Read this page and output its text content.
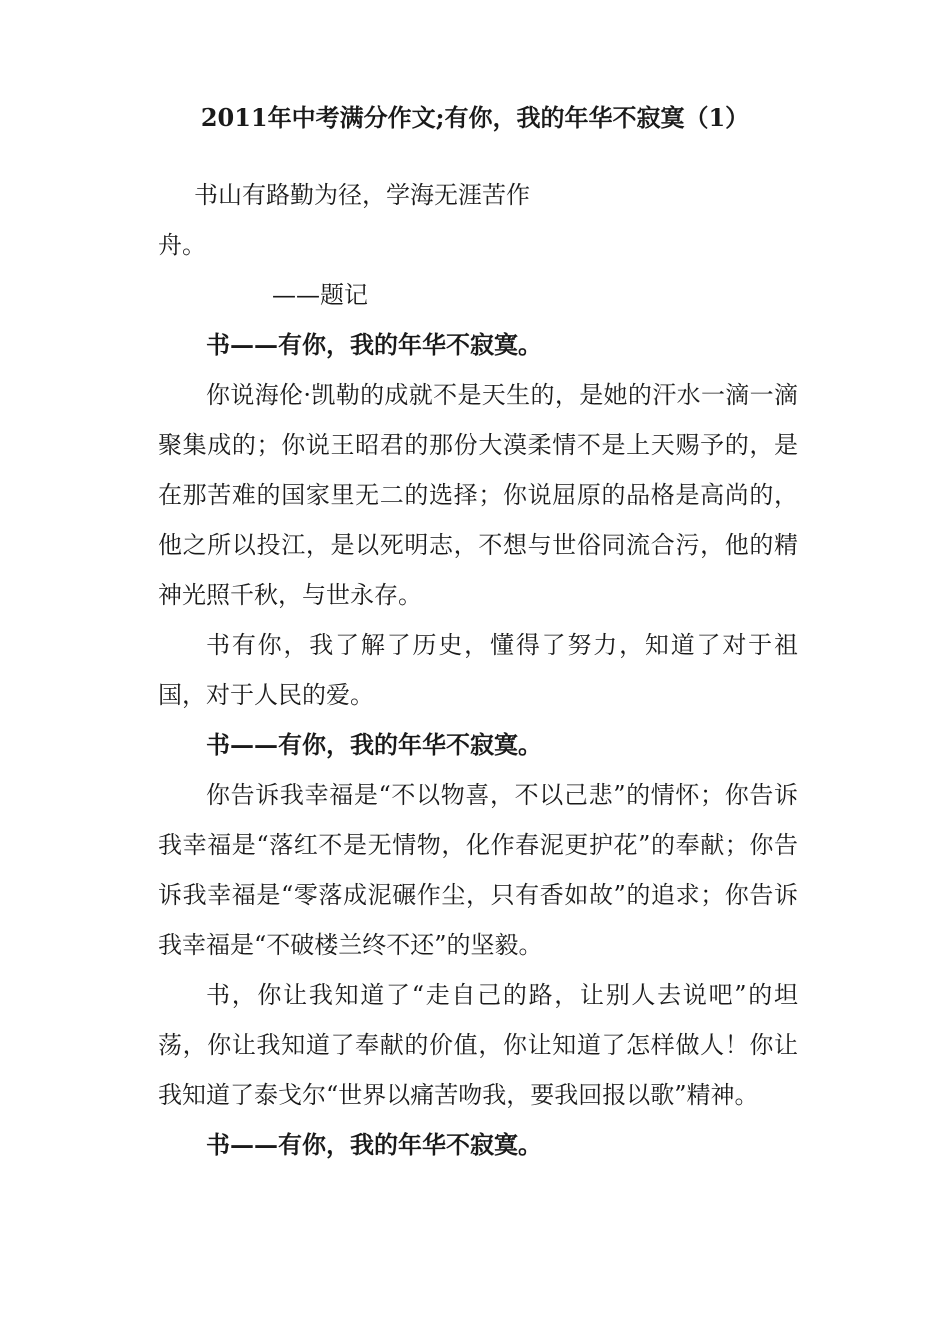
2011年中考满分作文;有你，我的年华不寂寞（1）
书山有路勤为径，学海无涯苦作
舟。
——题记
书——有你，我的年华不寂寞。

你说海伦·凯勒的成就不是天生的，是她的汗水一滴一滴聚集成的；你说王昭君的那份大漠柔情不是上天赐予的，是在那苦难的国家里无二的选择；你说屈原的品格是高尚的，他之所以投江，是以死明志，不想与世俗同流合污，他的精神光照千秋，与世永存。

书有你，我了解了历史，懂得了努力，知道了对于祖国，对于人民的爱。

书——有你，我的年华不寂寞。

你告诉我幸福是“不以物喜，不以己悲”的情怀；你告诉我幸福是“落红不是无情物，化作春泥更护花”的奉献；你告诉我幸福是“零落成泥碾作尘，只有香如故”的追求；你告诉我幸福是“不破楼兰终不还”的坚毅。

书，你让我知道了“走自己的路，让别人去说吧”的坦荡，你让我知道了奉献的价值，你让知道了怎样做人！你让我知道了泰戈尔“世界以痛苦吻我，要我回报以歌”精神。

书——有你，我的年华不寂寞。
